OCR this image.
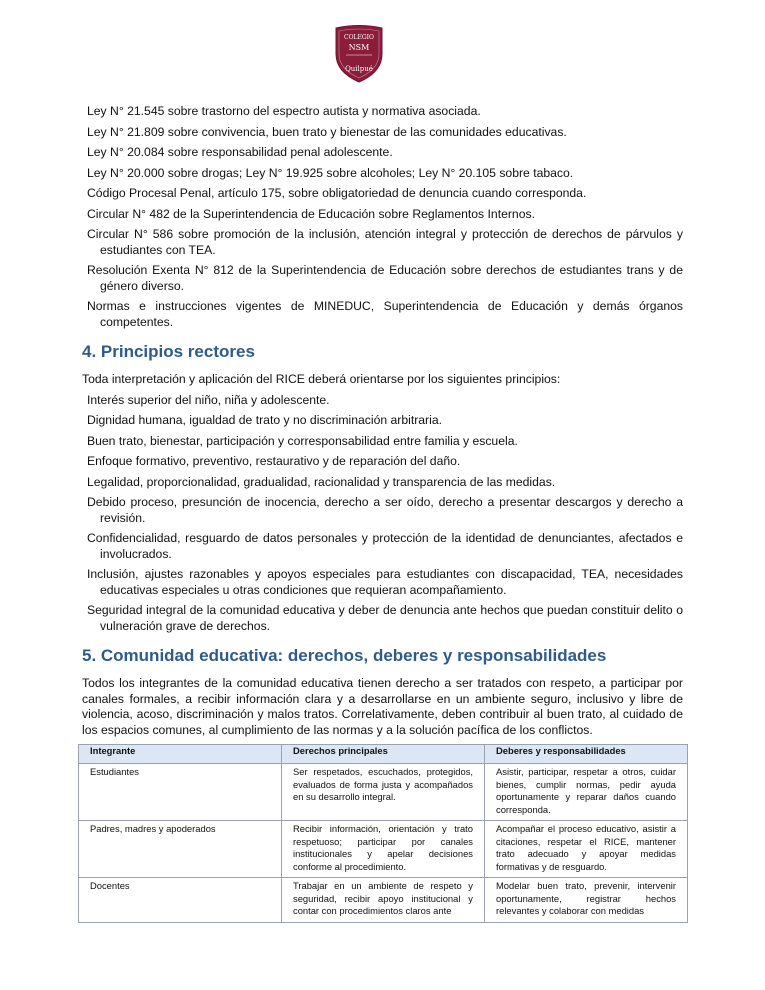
COLEGIO
NSM
Quilpué

Ley N° 21.545 sobre trastorno del espectro autista y normativa asociada.

Ley N° 21.809 sobre convivencia, buen trato y bienestar de las comunidades educativas.

Ley N° 20.084 sobre responsabilidad penal adolescente.

Ley N° 20.000 sobre drogas; Ley N° 19.925 sobre alcoholes; Ley N° 20.105 sobre tabaco.

Código Procesal Penal, artículo 175, sobre obligatoriedad de denuncia cuando corresponda.

Circular N° 482 de la Superintendencia de Educación sobre Reglamentos Internos.

Circular N° 586 sobre promoción de la inclusión, atención integral y protección de derechos de párvulos y estudiantes con TEA.

Resolución Exenta N° 812 de la Superintendencia de Educación sobre derechos de estudiantes trans y de género diverso.

Normas e instrucciones vigentes de MINEDUC, Superintendencia de Educación y demás órganos competentes.

4. Principios rectores

Toda interpretación y aplicación del RICE deberá orientarse por los siguientes principios:

Interés superior del niño, niña y adolescente.

Dignidad humana, igualdad de trato y no discriminación arbitraria.

Buen trato, bienestar, participación y corresponsabilidad entre familia y escuela.

Enfoque formativo, preventivo, restaurativo y de reparación del daño.

Legalidad, proporcionalidad, gradualidad, racionalidad y transparencia de las medidas.

Debido proceso, presunción de inocencia, derecho a ser oído, derecho a presentar descargos y derecho a revisión.

Confidencialidad, resguardo de datos personales y protección de la identidad de denunciantes, afectados e involucrados.

Inclusión, ajustes razonables y apoyos especiales para estudiantes con discapacidad, TEA, necesidades educativas especiales u otras condiciones que requieran acompañamiento.

Seguridad integral de la comunidad educativa y deber de denuncia ante hechos que puedan constituir delito o vulneración grave de derechos.

5. Comunidad educativa: derechos, deberes y responsabilidades

Todos los integrantes de la comunidad educativa tienen derecho a ser tratados con respeto, a participar por canales formales, a recibir información clara y a desarrollarse en un ambiente seguro, inclusivo y libre de violencia, acoso, discriminación y malos tratos. Correlativamente, deben contribuir al buen trato, al cuidado de los espacios comunes, al cumplimiento de las normas y a la solución pacífica de los conflictos.

Integrante	Derechos principales	Deberes y responsabilidades
Estudiantes	Ser respetados, escuchados, protegidos, evaluados de forma justa y acompañados en su desarrollo integral.	Asistir, participar, respetar a otros, cuidar bienes, cumplir normas, pedir ayuda oportunamente y reparar daños cuando corresponda.
Padres, madres y apoderados	Recibir información, orientación y trato respetuoso; participar por canales institucionales y apelar decisiones conforme al procedimiento.	Acompañar el proceso educativo, asistir a citaciones, respetar el RICE, mantener trato adecuado y apoyar medidas formativas y de resguardo.
Docentes	Trabajar en un ambiente de respeto y seguridad, recibir apoyo institucional y contar con procedimientos claros ante	Modelar buen trato, prevenir, intervenir oportunamente, registrar hechos relevantes y colaborar con medidas
